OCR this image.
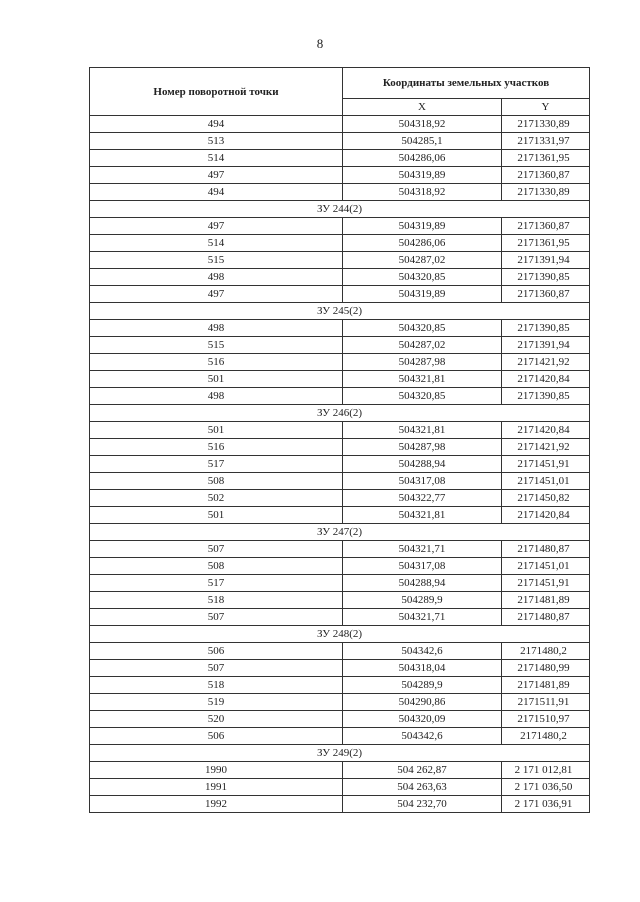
8
Номер поворотной точки	Координаты земельных участков	
	X	Y
494	504318,92	2171330,89
513	504285,1	2171331,97
514	504286,06	2171361,95
497	504319,89	2171360,87
494	504318,92	2171330,89
ЗУ 244(2)		
497	504319,89	2171360,87
514	504286,06	2171361,95
515	504287,02	2171391,94
498	504320,85	2171390,85
497	504319,89	2171360,87
ЗУ 245(2)		
498	504320,85	2171390,85
515	504287,02	2171391,94
516	504287,98	2171421,92
501	504321,81	2171420,84
498	504320,85	2171390,85
ЗУ 246(2)		
501	504321,81	2171420,84
516	504287,98	2171421,92
517	504288,94	2171451,91
508	504317,08	2171451,01
502	504322,77	2171450,82
501	504321,81	2171420,84
ЗУ 247(2)		
507	504321,71	2171480,87
508	504317,08	2171451,01
517	504288,94	2171451,91
518	504289,9	2171481,89
507	504321,71	2171480,87
ЗУ 248(2)		
506	504342,6	2171480,2
507	504318,04	2171480,99
518	504289,9	2171481,89
519	504290,86	2171511,91
520	504320,09	2171510,97
506	504342,6	2171480,2
ЗУ 249(2)		
1990	504 262,87	2 171 012,81
1991	504 263,63	2 171 036,50
1992	504 232,70	2 171 036,91
